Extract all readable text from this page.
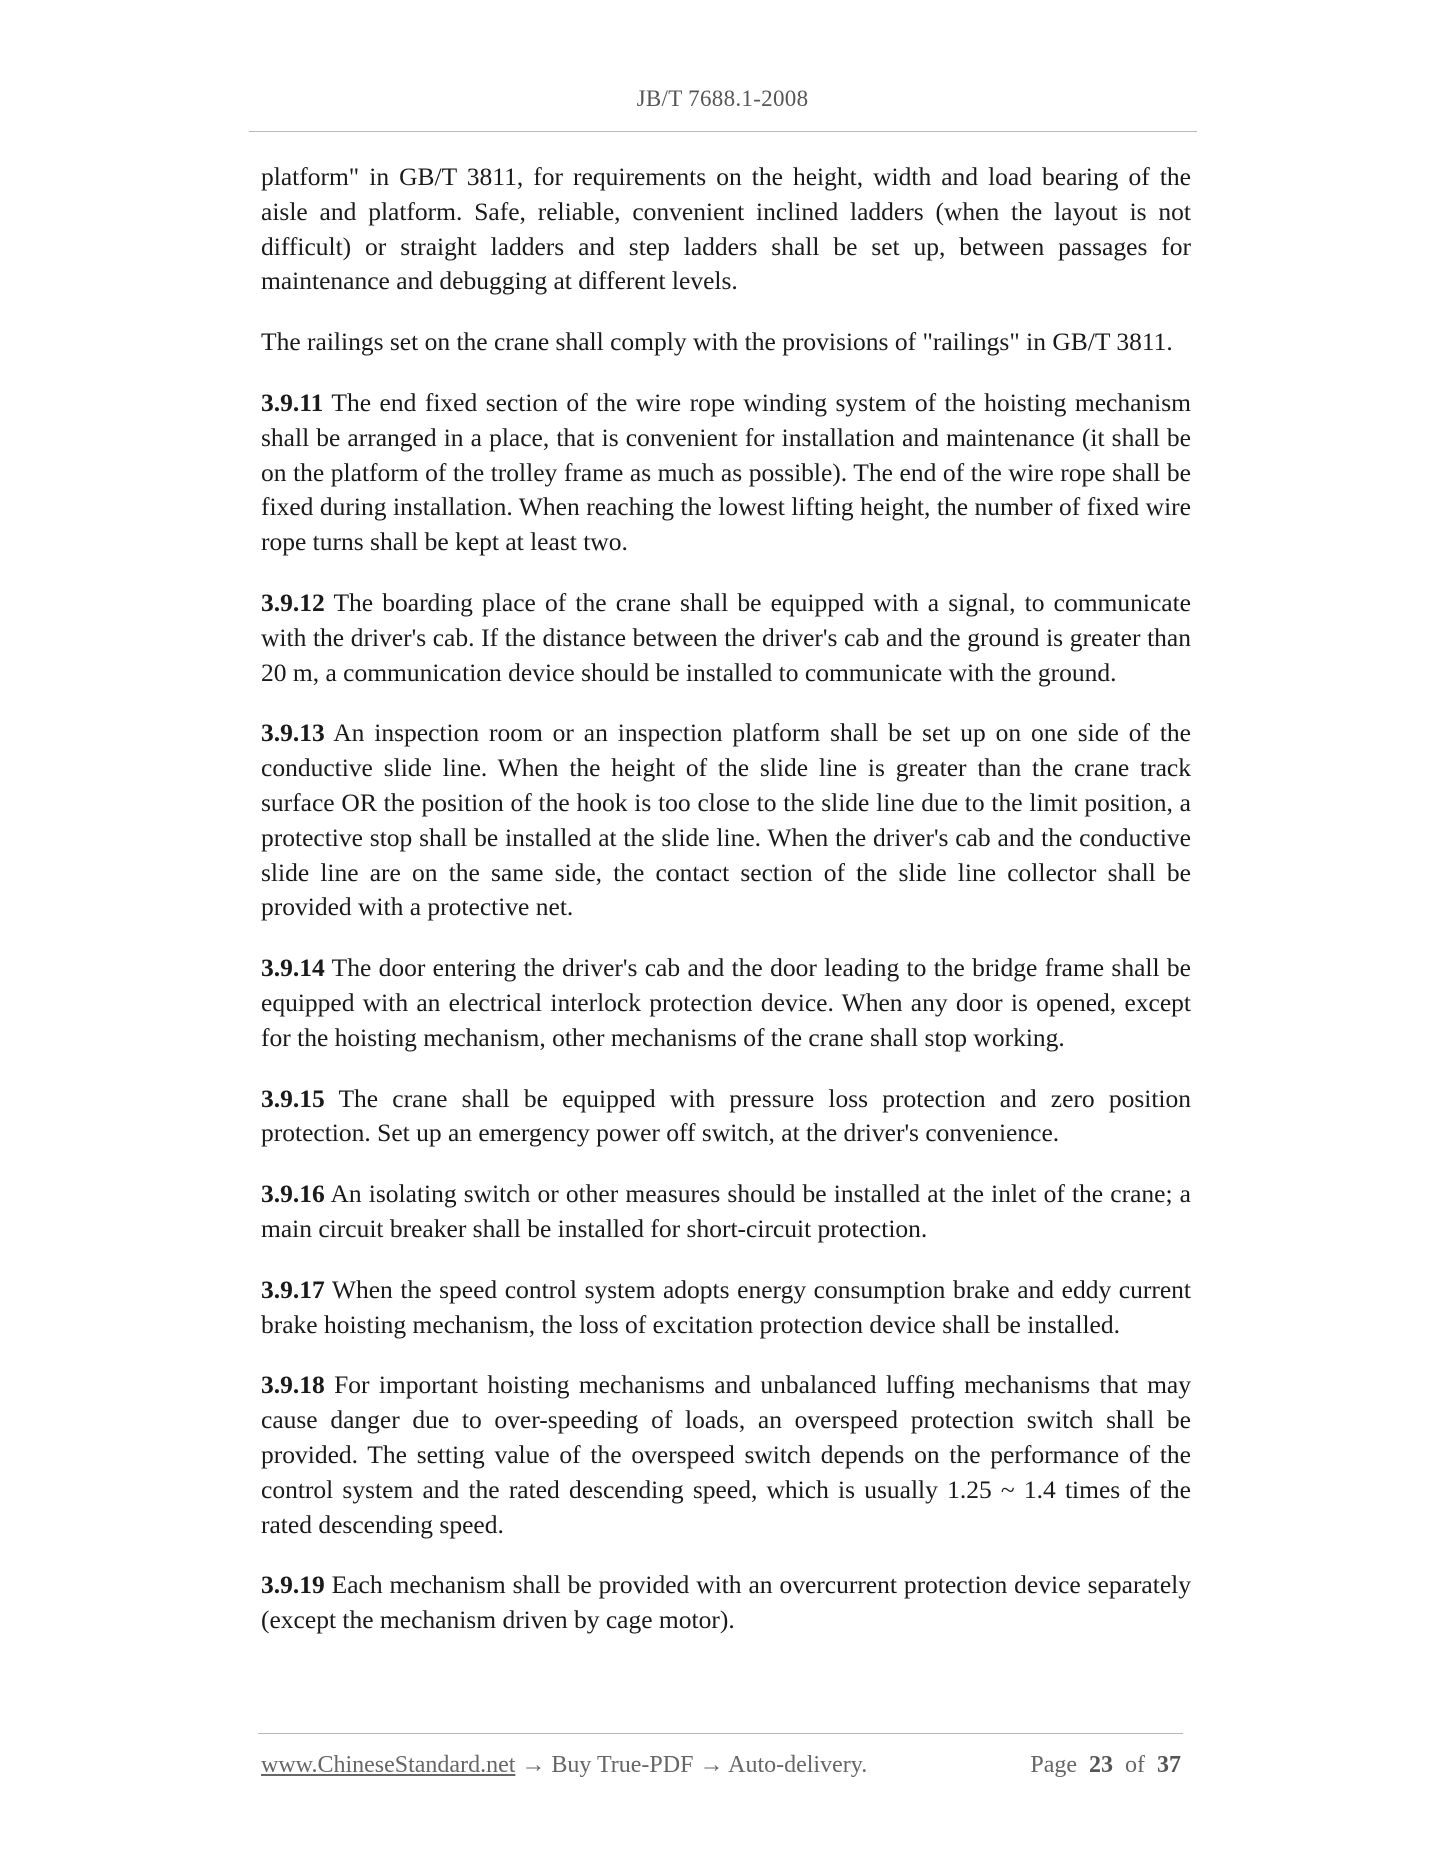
JB/T 7688.1-2008

platform" in GB/T 3811, for requirements on the height, width and load bearing of the aisle and platform. Safe, reliable, convenient inclined ladders (when the layout is not difficult) or straight ladders and step ladders shall be set up, between passages for maintenance and debugging at different levels.

The railings set on the crane shall comply with the provisions of "railings" in GB/T 3811.

3.9.11 The end fixed section of the wire rope winding system of the hoisting mechanism shall be arranged in a place, that is convenient for installation and maintenance (it shall be on the platform of the trolley frame as much as possible). The end of the wire rope shall be fixed during installation. When reaching the lowest lifting height, the number of fixed wire rope turns shall be kept at least two.

3.9.12 The boarding place of the crane shall be equipped with a signal, to communicate with the driver's cab. If the distance between the driver's cab and the ground is greater than 20 m, a communication device should be installed to communicate with the ground.

3.9.13 An inspection room or an inspection platform shall be set up on one side of the conductive slide line. When the height of the slide line is greater than the crane track surface OR the position of the hook is too close to the slide line due to the limit position, a protective stop shall be installed at the slide line. When the driver's cab and the conductive slide line are on the same side, the contact section of the slide line collector shall be provided with a protective net.

3.9.14 The door entering the driver's cab and the door leading to the bridge frame shall be equipped with an electrical interlock protection device. When any door is opened, except for the hoisting mechanism, other mechanisms of the crane shall stop working.

3.9.15 The crane shall be equipped with pressure loss protection and zero position protection. Set up an emergency power off switch, at the driver's convenience.

3.9.16 An isolating switch or other measures should be installed at the inlet of the crane; a main circuit breaker shall be installed for short-circuit protection.

3.9.17 When the speed control system adopts energy consumption brake and eddy current brake hoisting mechanism, the loss of excitation protection device shall be installed.

3.9.18 For important hoisting mechanisms and unbalanced luffing mechanisms that may cause danger due to over-speeding of loads, an overspeed protection switch shall be provided. The setting value of the overspeed switch depends on the performance of the control system and the rated descending speed, which is usually 1.25 ~ 1.4 times of the rated descending speed.

3.9.19 Each mechanism shall be provided with an overcurrent protection device separately (except the mechanism driven by cage motor).

www.ChineseStandard.net → Buy True-PDF → Auto-delivery.	Page 23 of 37
